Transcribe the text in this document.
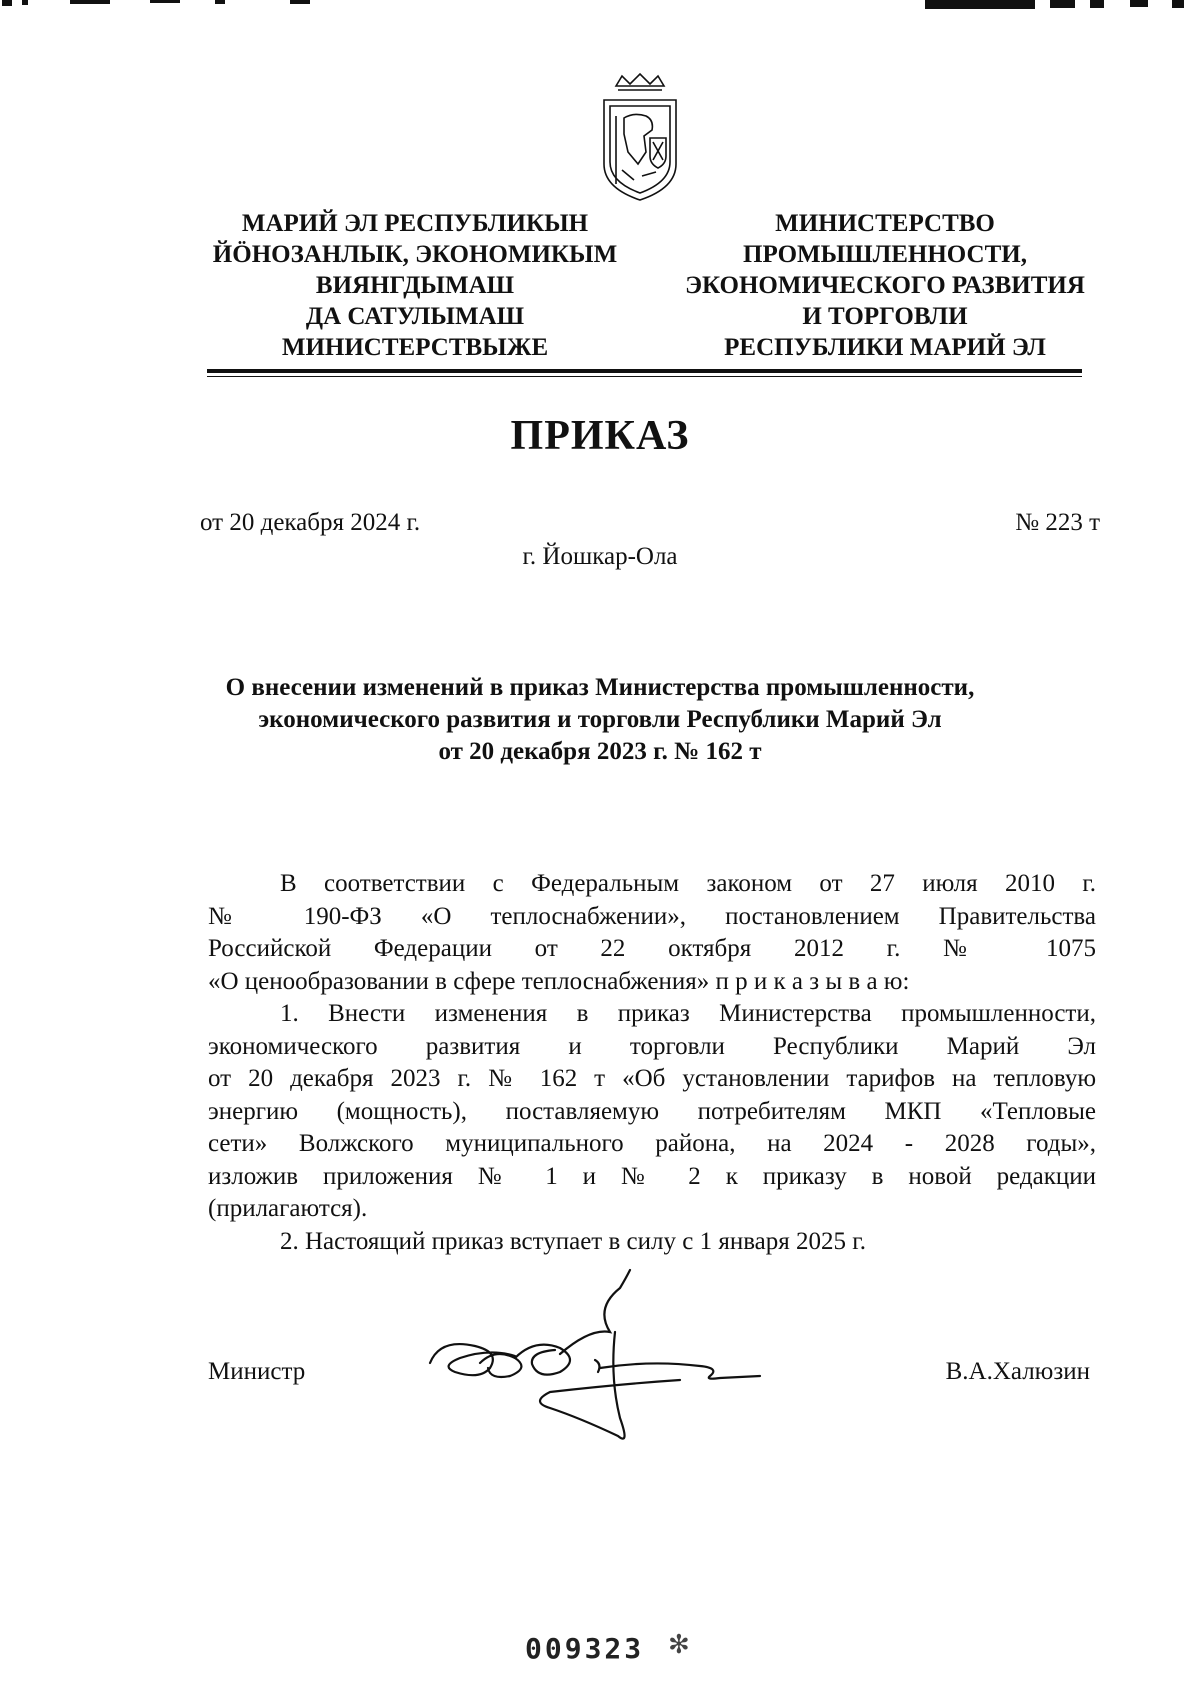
МАРИЙ ЭЛ РЕСПУБЛИКЫН
ЙӦНОЗАНЛЫК, ЭКОНОМИКЫМ
ВИЯНГДЫМАШ
ДА САТУЛЫМАШ
МИНИСТЕРСТВЫЖЕ
МИНИСТЕРСТВО
ПРОМЫШЛЕННОСТИ,
ЭКОНОМИЧЕСКОГО РАЗВИТИЯ
И ТОРГОВЛИ
РЕСПУБЛИКИ МАРИЙ ЭЛ
ПРИКАЗ
от 20 декабря 2024 г.	№ 223 т
г. Йошкар-Ола
О внесении изменений в приказ Министерства промышленности,
экономического развития и торговли Республики Марий Эл
от 20 декабря 2023 г. № 162 т
В соответствии с Федеральным законом от 27 июля 2010 г.
№ 190-ФЗ «О теплоснабжении», постановлением Правительства
Российской Федерации от 22 октября 2012 г. № 1075
«О ценообразовании в сфере теплоснабжения» п р и к а з ы в а ю:
1. Внести изменения в приказ Министерства промышленности,
экономического развития и торговли Республики Марий Эл
от 20 декабря 2023 г. № 162 т «Об установлении тарифов на тепловую
энергию (мощность), поставляемую потребителям МКП «Тепловые
сети» Волжского муниципального района, на 2024 - 2028 годы»,
изложив приложения № 1 и № 2 к приказу в новой редакции
(прилагаются).
2. Настоящий приказ вступает в силу с 1 января 2025 г.
Министр	В.А.Халюзин
009323 ✻
